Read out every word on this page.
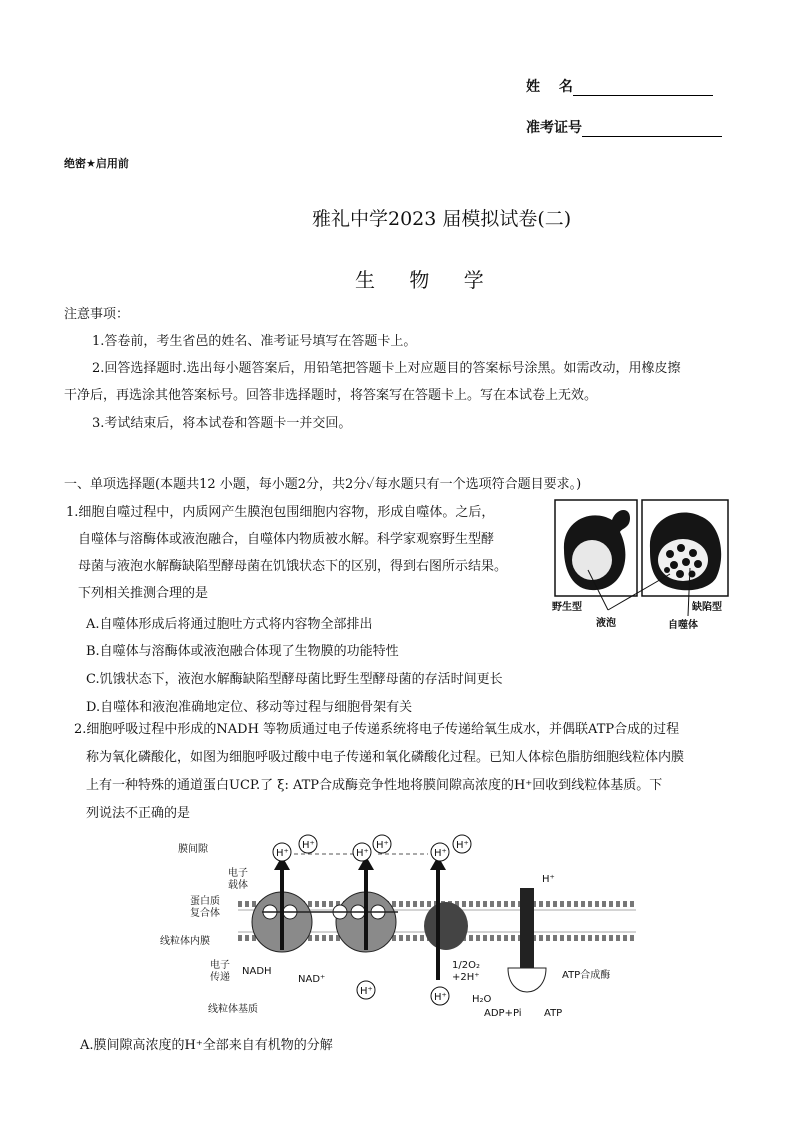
姓　 名
准考证号
绝密★启用前
雅礼中学2023 届模拟试卷(二)
生 物 学
注意事项：
1.答卷前，考生省邑的姓名、准考证号填写在答题卡上。
2.回答选择题时.选出每小题答案后，用铅笔把答题卡上对应题目的答案标号涂黑。如需改动，用橡皮擦
干净后，再选涂其他答案标号。回答非选择题时，将答案写在答题卡上。写在本试卷上无效。
3.考试结束后，将本试卷和答题卡一并交回。
一、单项选择题(本题共12 小题，每小题2分，共2分✓每水题只有一个选项符合题目要求。)
1.细胞自噬过程中，内质网产生膜泡包围细胞内容物，形成自噬体。之后，
自噬体与溶酶体或液泡融合，自噬体内物质被水解。科学家观察野生型酵
母菌与液泡水解酶缺陷型酵母菌在饥饿状态下的区别，得到右图所示结果。
下列相关推测合理的是
A.自噬体形成后将通过胞吐方式将内容物全部排出
B.自噬体与溶酶体或液泡融合体现了生物膜的功能特性
C.饥饿状态下，液泡水解酶缺陷型酵母菌比野生型酵母菌的存活时间更长
D.自噬体和液泡准确地定位、移动等过程与细胞骨架有关
野生型	缺陷型
液泡	自噬体
2.细胞呼吸过程中形成的NADH 等物质通过电子传递系统将电子传递给氧生成水，并偶联ATP合成的过程
称为氧化磷酸化，如图为细胞呼吸过酸中电子传递和氧化磷酸化过程。已知人体棕色脂肪细胞线粒体内膜
上有一种特殊的通道蛋白UCP.了 ξ: ATP合成酶竞争性地将膜间隙高浓度的H⁺回收到线粒体基质。下
列说法不正确的是
H⁺
H⁺
H⁺
H⁺
H⁺
H⁺
H⁺
H⁺
H⁺
膜间隙
电子载体
蛋白质复合体
线粒体内膜
电子传递
NADH
NAD⁺
线粒体基质
1/2O₂ +2H⁺
H₂O
ADP+Pi ATP
ATP合成酶
A.膜间隙高浓度的H⁺全部来自有机物的分解
